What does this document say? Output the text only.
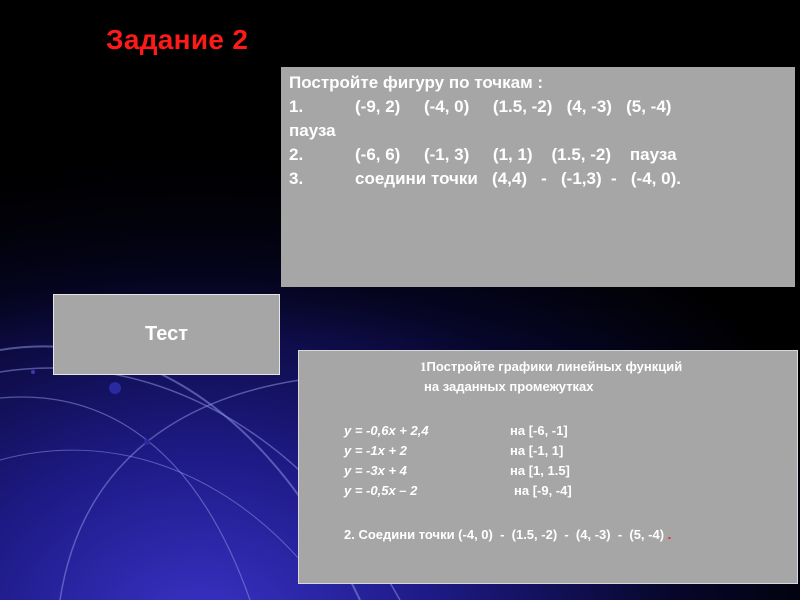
Задание 2
Постройте фигуру по точкам :
1.	(-9, 2)     (-4, 0)     (1.5, -2)   (4, -3)   (5, -4)
пауза
2.	(-6, 6)     (-1, 3)     (1, 1)    (1.5, -2)    пауза
3.	соедини точки   (4,4)   -   (-1,3)  -   (-4, 0).
Тест
1Постройте графики линейных функций
на заданных промежутках
y = -0,6x + 2,4	на [-6, -1]
y = -1x + 2	на [-1, 1]
y = -3x + 4	на [1, 1.5]
y = -0,5x – 2	на [-9, -4]
2. Соедини точки (-4, 0)  -  (1.5, -2)  -  (4, -3)  -  (5, -4) .
